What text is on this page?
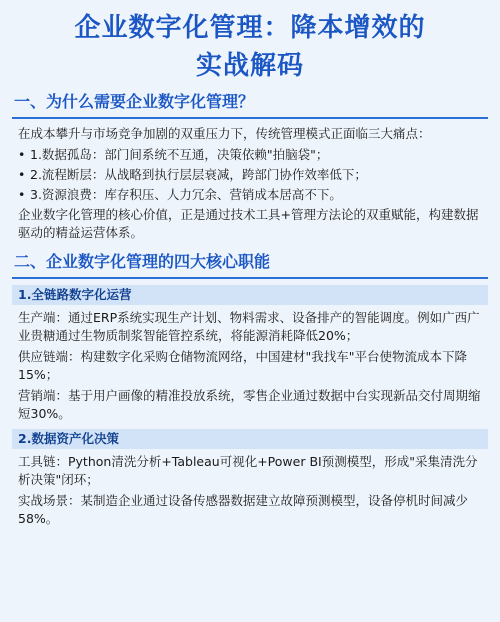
企业数字化管理：降本增效的
实战解码
一、为什么需要企业数字化管理？

在成本攀升与市场竞争加剧的双重压力下，传统管理模式正面临三大痛点：

• 1.数据孤岛：部门间系统不互通，决策依赖"拍脑袋"；
• 2.流程断层：从战略到执行层层衰减，跨部门协作效率低下；
• 3.资源浪费：库存积压、人力冗余、营销成本居高不下。

企业数字化管理的核心价值，正是通过技术工具+管理方法论的双重赋能，构建数据驱动的精益运营体系。

二、企业数字化管理的四大核心职能
1.全链路数字化运营

生产端：通过ERP系统实现生产计划、物料需求、设备排产的智能调度。例如广西广业贵糖通过生物质制浆智能管控系统，将能源消耗降低20%；

供应链端：构建数字化采购仓储物流网络，中国建材"我找车"平台使物流成本下降15%；

营销端：基于用户画像的精准投放系统，零售企业通过数据中台实现新品交付周期缩短30%。

2.数据资产化决策

工具链：Python清洗分析+Tableau可视化+Power BI预测模型，形成"采集清洗分析决策"闭环；

实战场景：某制造企业通过设备传感器数据建立故障预测模型，设备停机时间减少58%。
